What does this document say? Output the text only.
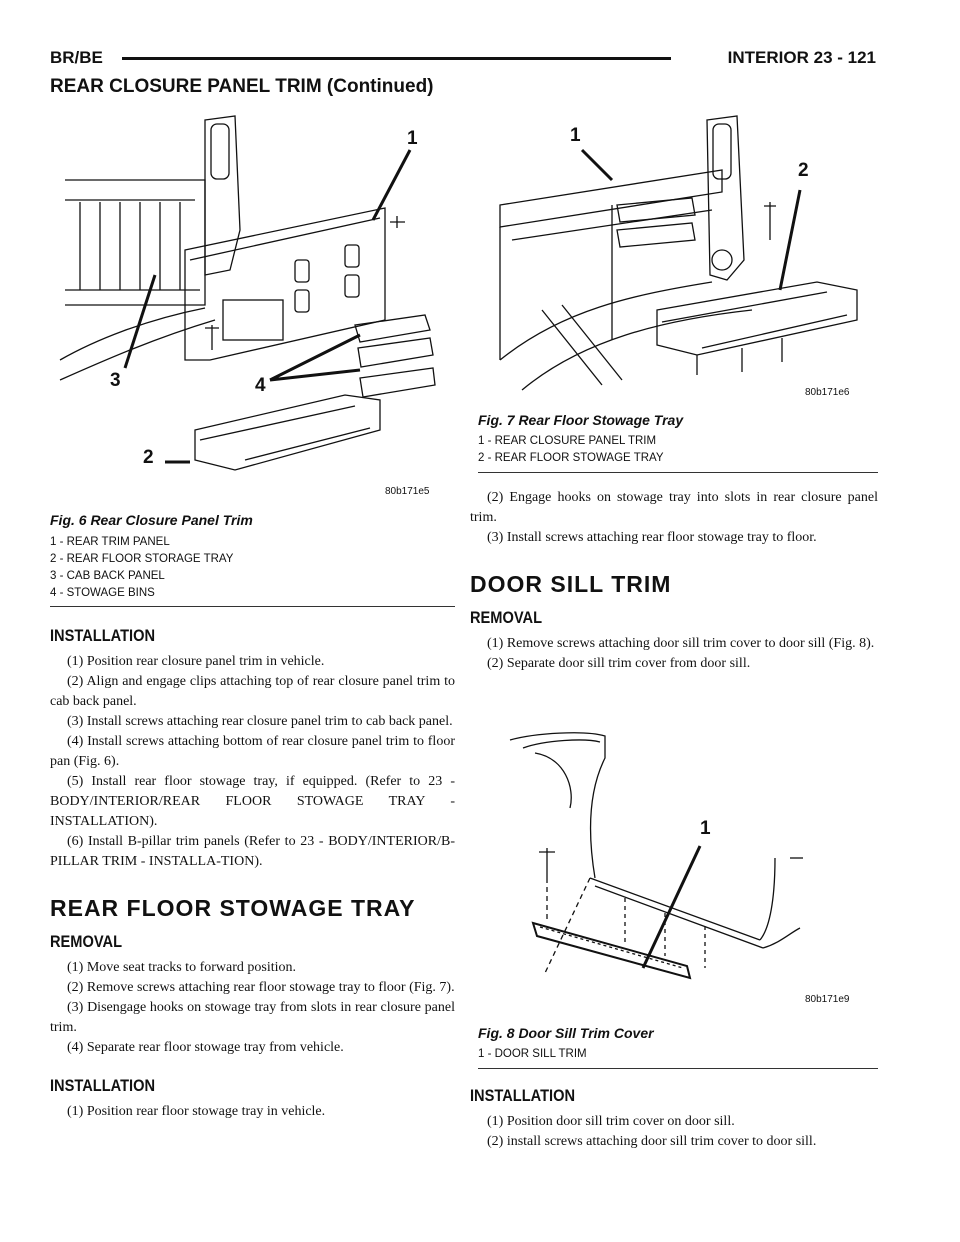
BR/BE	INTERIOR 23 - 121
REAR CLOSURE PANEL TRIM (Continued)
1
2
3	4
80b171e5
Fig. 6 Rear Closure Panel Trim
1 - REAR TRIM PANEL
2 - REAR FLOOR STORAGE TRAY
3 - CAB BACK PANEL
4 - STOWAGE BINS
1
2
80b171e6
Fig. 7 Rear Floor Stowage Tray
1 - REAR CLOSURE PANEL TRIM
2 - REAR FLOOR STOWAGE TRAY
INSTALLATION

(1) Position rear closure panel trim in vehicle.

(2) Align and engage clips attaching top of rear closure panel trim to cab back panel.

(3) Install screws attaching rear closure panel trim to cab back panel.

(4) Install screws attaching bottom of rear closure panel trim to floor pan (Fig. 6).

(5) Install rear floor stowage tray, if equipped. (Refer to 23 - BODY/INTERIOR/REAR FLOOR STOWAGE TRAY - INSTALLATION).

(6) Install B-pillar trim panels (Refer to 23 - BODY/INTERIOR/B-PILLAR TRIM - INSTALLA-TION).

REAR FLOOR STOWAGE TRAY
REMOVAL

(1) Move seat tracks to forward position.

(2) Remove screws attaching rear floor stowage tray to floor (Fig. 7).

(3) Disengage hooks on stowage tray from slots in rear closure panel trim.

(4) Separate rear floor stowage tray from vehicle.

INSTALLATION

(1) Position rear floor stowage tray in vehicle.

(2) Engage hooks on stowage tray into slots in rear closure panel trim.

(3) Install screws attaching rear floor stowage tray to floor.

DOOR SILL TRIM
REMOVAL

(1) Remove screws attaching door sill trim cover to door sill (Fig. 8).

(2) Separate door sill trim cover from door sill.

1
80b171e9
Fig. 8 Door Sill Trim Cover
1 - DOOR SILL TRIM
INSTALLATION

(1) Position door sill trim cover on door sill.

(2) install screws attaching door sill trim cover to door sill.
